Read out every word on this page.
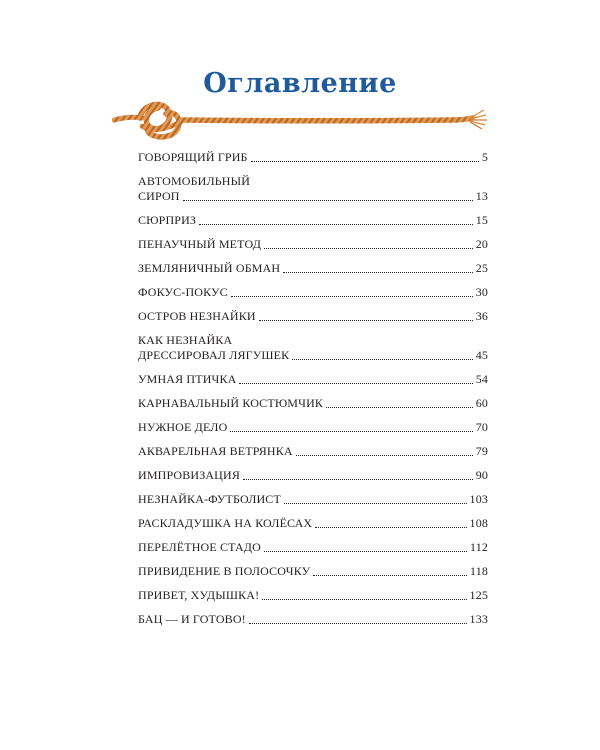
Оглавление
ГОВОРЯЩИЙ ГРИБ	5
АВТОМОБИЛЬНЫЙ
СИРОП	13
СЮРПРИЗ	15
ПЕНАУЧНЫЙ МЕТОД	20
ЗЕМЛЯНИЧНЫЙ ОБМАН	25
ФОКУС-ПОКУС	30
ОСТРОВ НЕЗНАЙКИ	36
КАК НЕЗНАЙКА
ДРЕССИРОВАЛ ЛЯГУШЕК	45
УМНАЯ ПТИЧКА	54
КАРНАВАЛЬНЫЙ КОСТЮМЧИК	60
НУЖНОЕ ДЕЛО	70
АКВАРЕЛЬНАЯ ВЕТРЯНКА	79
ИМПРОВИЗАЦИЯ	90
НЕЗНАЙКА-ФУТБОЛИСТ	103
РАСКЛАДУШКА НА КОЛЁСАХ	108
ПЕРЕЛЁТНОЕ СТАДО	112
ПРИВИДЕНИЕ В ПОЛОСОЧКУ	118
ПРИВЕТ, ХУДЫШКА!	125
БАЦ — И ГОТОВО!	133
